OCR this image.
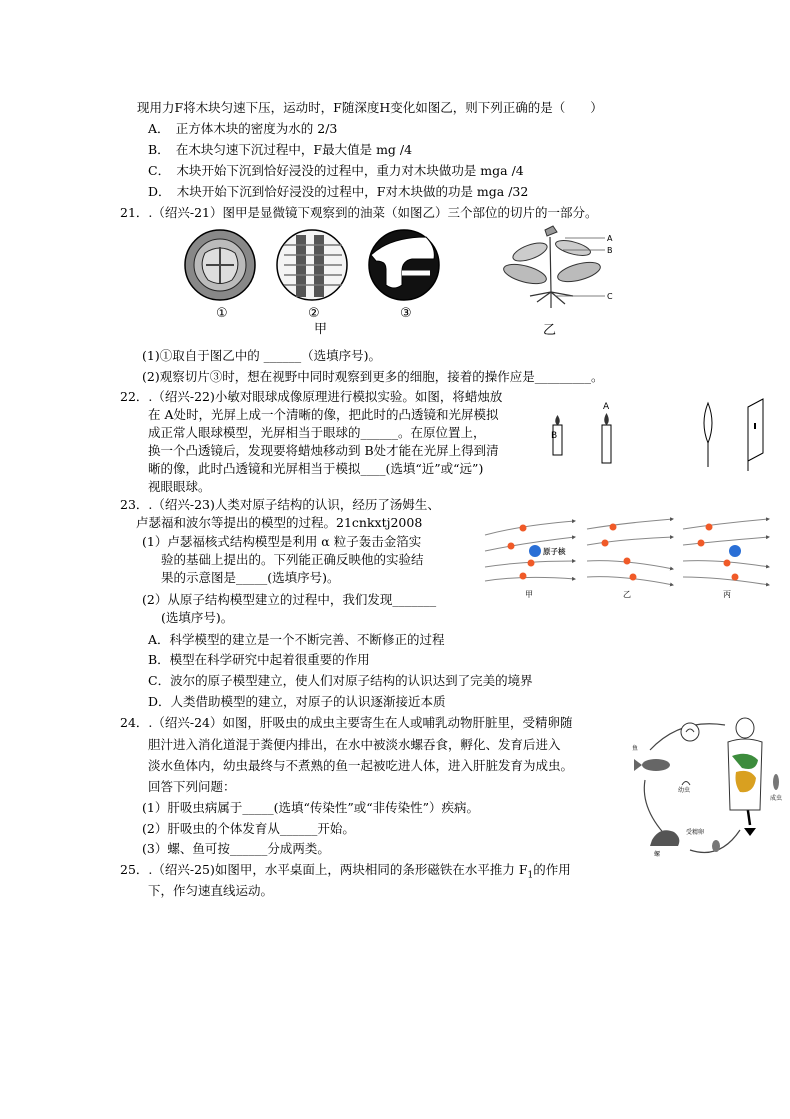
现用力F将木块匀速下压，运动时，F随深度H变化如图乙，则下列正确的是（　　）
A．　正方体木块的密度为水的 2/3
B．　在木块匀速下沉过程中，F最大值是 mg /4
C．　木块开始下沉到恰好浸没的过程中，重力对木块做功是 mga /4
D．　木块开始下沉到恰好浸没的过程中，F对木块做的功是 mga /32
21．.（绍兴-21）图甲是显微镜下观察到的油菜（如图乙）三个部位的切片的一部分。
①	②	③
甲
A
B
C
乙
(1)①取自于图乙中的 ______（选填序号)。
(2)观察切片③时，想在视野中同时观察到更多的细胞，接着的操作应是_________。
22．.（绍兴-22)小敏对眼球成像原理进行模拟实验。如图，将蜡烛放
在 A处时，光屏上成一个清晰的像，把此时的凸透镜和光屏模拟
成正常人眼球模型，光屏相当于眼球的______。在原位置上，
换一个凸透镜后，发现要将蜡烛移动到 B处才能在光屏上得到清
晰的像，此时凸透镜和光屏相当于模拟____(选填“近”或“远”)
视眼眼球。
B
A
23．.（绍兴-23)人类对原子结构的认识，经历了汤姆生、
卢瑟福和波尔等提出的模型的过程。21cnkxtj2008
(1）卢瑟福核式结构模型是利用 α 粒子轰击金箔实
验的基础上提出的。下列能正确反映他的实验结
果的示意图是_____(选填序号)。
(2）从原子结构模型建立的过程中，我们发现_______
(选填序号)。
A．科学模型的建立是一个不断完善、不断修正的过程
B．模型在科学研究中起着很重要的作用
C．波尔的原子模型建立，使人们对原子结构的认识达到了完美的境界
D．人类借助模型的建立，对原子的认识逐渐接近本质
原子核
甲	乙	丙
24．.（绍兴-24）如图，肝吸虫的成虫主要寄生在人或哺乳动物肝脏里，受精卵随
胆汁进入消化道混于粪便内排出，在水中被淡水螺吞食，孵化、发育后进入
淡水鱼体内，幼虫最终与不煮熟的鱼一起被吃进人体，进入肝脏发育为成虫。
回答下列问题：
(1）肝吸虫病属于_____(选填“传染性”或“非传染性”）疾病。
(2）肝吸虫的个体发育从______开始。
(3）螺、鱼可按______分成两类。
鱼
幼虫
成虫
受精卵
螺
25．.（绍兴-25)如图甲，水平桌面上，两块相同的条形磁铁在水平推力 $F_1$的作用
下，作匀速直线运动。
